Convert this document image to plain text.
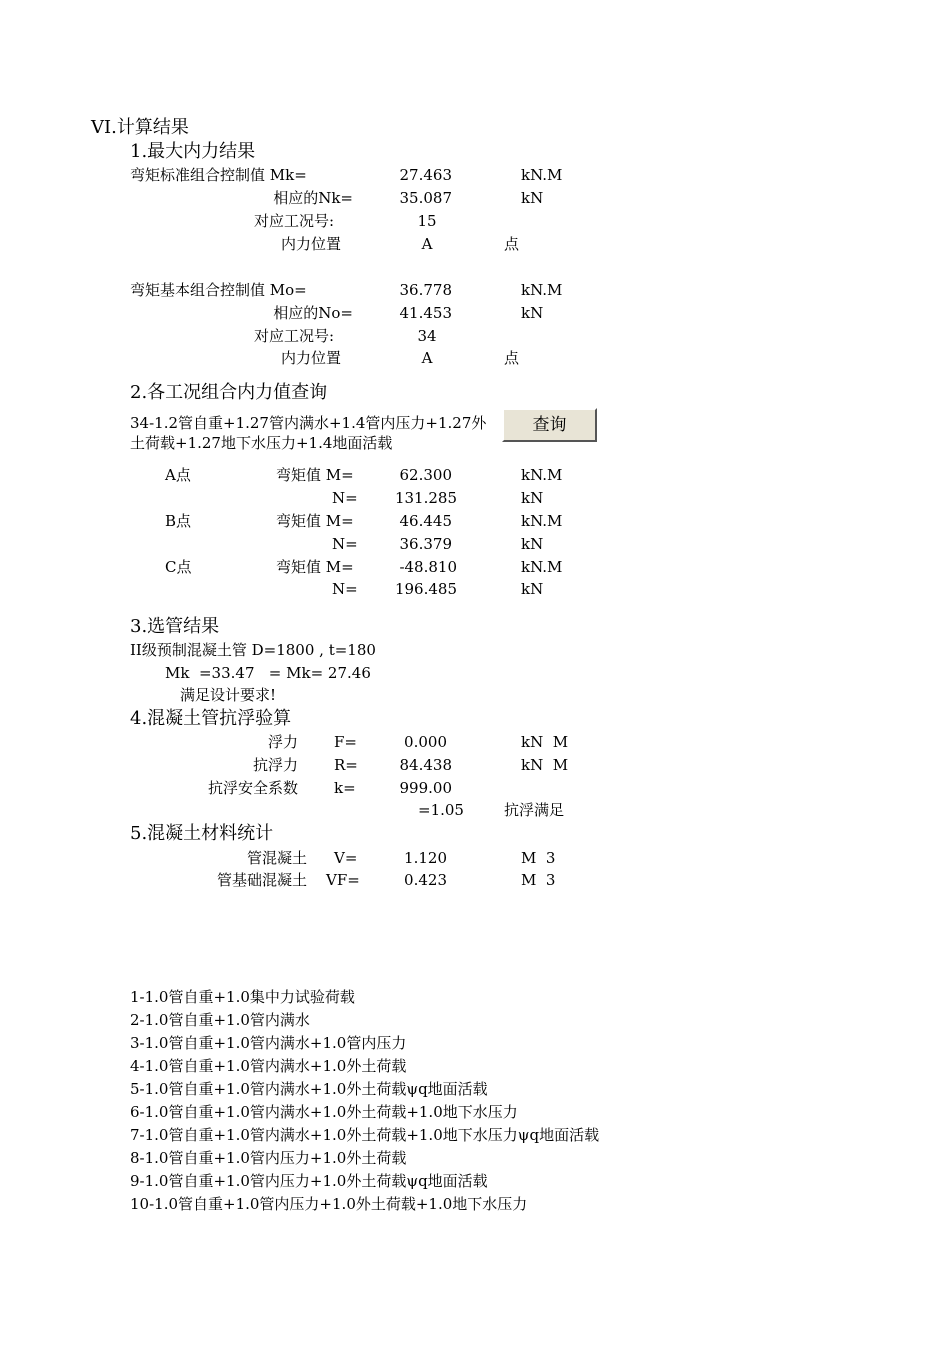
VI.计算结果
1.最大内力结果
弯矩标准组合控制值 Mk=	27.463	kN.M
相应的Nk=	35.087	kN
对应工况号:	15
内力位置	A	点
弯矩基本组合控制值 Mo=	36.778	kN.M
相应的No=	41.453	kN
对应工况号:	34
内力位置	A	点
2.各工况组合内力值查询
34-1.2管自重+1.27管内满水+1.4管内压力+1.27外
土荷载+1.27地下水压力+1.4地面活载
查询
A点	弯矩值 M=	62.300	kN.M
N=	131.285	kN
B点	弯矩值 M=	46.445	kN.M
N=	36.379	kN
C点	弯矩值 M=	-48.810	kN.M
N=	196.485	kN
3.选管结果
II级预制混凝土管 D=1800 , t=180
Mk  =33.47   = Mk= 27.46
满足设计要求!
4.混凝土管抗浮验算
浮力 F=	0.000	kN  M
抗浮力 R=	84.438	kN  M
抗浮安全系数 k=	999.00
=1.05	抗浮满足
5.混凝土材料统计
管混凝土 V=	1.120	M  3
管基础混凝土 VF=	0.423	M  3
1-1.0管自重+1.0集中力试验荷载
2-1.0管自重+1.0管内满水
3-1.0管自重+1.0管内满水+1.0管内压力
4-1.0管自重+1.0管内满水+1.0外土荷载
5-1.0管自重+1.0管内满水+1.0外土荷载ψq地面活载
6-1.0管自重+1.0管内满水+1.0外土荷载+1.0地下水压力
7-1.0管自重+1.0管内满水+1.0外土荷载+1.0地下水压力ψq地面活载
8-1.0管自重+1.0管内压力+1.0外土荷载
9-1.0管自重+1.0管内压力+1.0外土荷载ψq地面活载
10-1.0管自重+1.0管内压力+1.0外土荷载+1.0地下水压力
